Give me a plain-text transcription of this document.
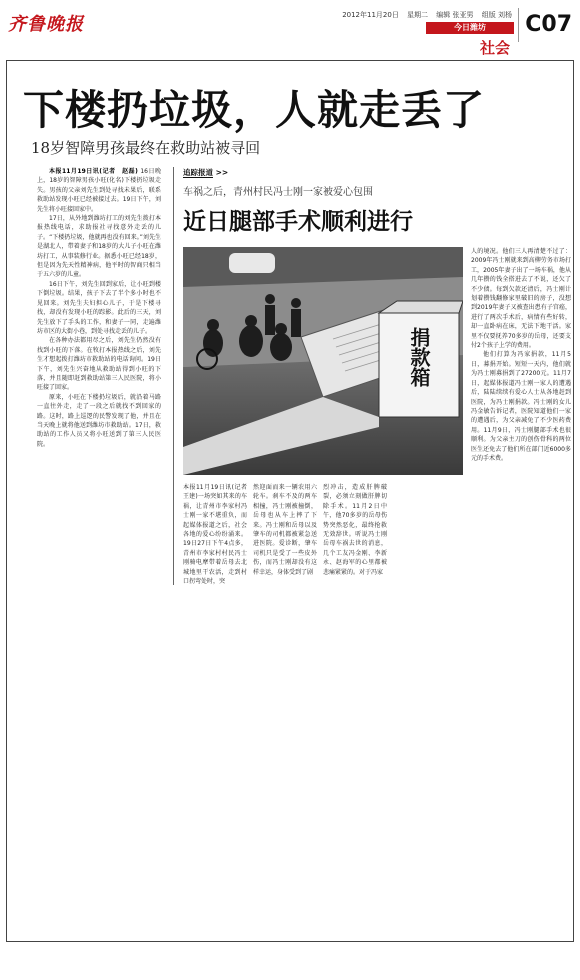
齐鲁晚报	2012年11月20日 星期二 编辑 张亚男 组版 刘杨
今日潍坊
社会
C07
下楼扔垃圾，人就走丢了
18岁智障男孩最终在救助站被寻回

本报11月19日讯(记者　赵磊) 16日晚上，18岁的智障男孩小旺(化名)下楼扔垃圾走失。男孩的父亲刘先生到处寻找未果后，联系救助站发现小旺已经被接过去。19日下午，刘先生将小旺接回家中。

17日，从外地到潍坊打工的刘先生拨打本报热线电话，求助报社寻找意外走丢的儿子。“下楼扔垃圾，他就再也没有回来。”刘先生是湖北人，带着妻子和18岁的大儿子小旺在潍坊打工，从事装修行业。据悉小旺已经18岁，但是因为先天性精神病，他平时的智商只相当于五六岁的儿童。

16日下午，刘先生回到家后，让小旺到楼下倒垃圾。结果，孩子下去了半个多小时也不见回来。刘先生夫妇担心儿子，于是下楼寻找，却没有发现小旺的踪影。此后的三天，刘先生放下了手头的工作，和妻子一同，走遍潍坊市区的大街小巷，到处寻找走丢的儿子。

在各种办法都用尽之后，刘先生仍然没有找到小旺的下落。在牧打本报热线之后，刘先生才想起拨打潍坊市救助站的电话询问。19日下午，刘先生兴奋地从救助站得到小旺的下落，并且随即赶到救助站第三人民医院，将小旺接了回家。

原来，小旺在下楼扔垃圾后，就沿着马路一直往外走，走了一段之后就找不到回家的路。这时，路上巡逻的民警发现了他，并且在当天晚上就将他送到潍坊市救助站。17日，救助站的工作人员又将小旺送到了第三人民医院。

追踪报道 >>
车祸之后，青州村民冯士刚一家被爱心包围
近日腿部手术顺利进行
捐款箱

人的境况。他们三人再清楚不过了：2009年冯士刚就来到高柳劳务市场打工，2005年妻子出了一场车祸，他从几年攒的钱全搭进去了不说，还欠了不少债。每到欠款还清后，冯士刚计划着攒钱翻修家里破旧的房子，没想到2019年妻子又被查出患有子宫癌，进行了两次手术后，病情有些好转，却一直卧病在床，无法下地干活。家里不仅要抚养70多岁的岳母，还要支付2个孩子上学的费用。

他们打算为冯家捐款，11月5日，募捐开始。短短一天内，他们就为冯士刚募捐到了27200元。11月7日，起媒体报道冯士刚一家人的遭遇后，陆陆续续有爱心人士从各地赶到医院，为冯士刚捐款。冯士刚的女儿冯金敏告诉记者，医院知道他们一家的遭遇后，为父亲减免了不少医药费用。11月9日，冯士刚腿部手术也很顺利。为父亲主刀的创伤骨科的两位医生还免去了他们所在部门近6000多元的手术费。

本报11月19日讯(记者　王建)一场突如其来的车祸，让青州市李家村冯士刚一家不堪重负，而起媒体报道之后，社会各地的爱心纷纷涌来。19日27日下午4点多，青州市李家村村民冯士刚骑电摩带着岳母去北城地里干农活，走到村口拐弯处时，突

然迎面而来一辆农用六轮车。刹车不及的两车相撞，冯士刚被撞倒，岳母也从车上摔了下来。冯士刚和岳母以及肇车的司机都被紧急送进医院。爱诊断，肇车司机只是受了一些皮外伤，而冯士刚却没有这样幸运，身体受到了剧

烈冲击，造成肝脾破裂，必须立刻做肝脾切除手术。11月2日中午，他70多岁的岳母伤势突然恶化，最终抢救无效辞世。听说冯士刚岳母车祸去世的消息，几个工友冯金刚、李新永、赵海军的心里都被悲痛紧紧的。对于冯家
